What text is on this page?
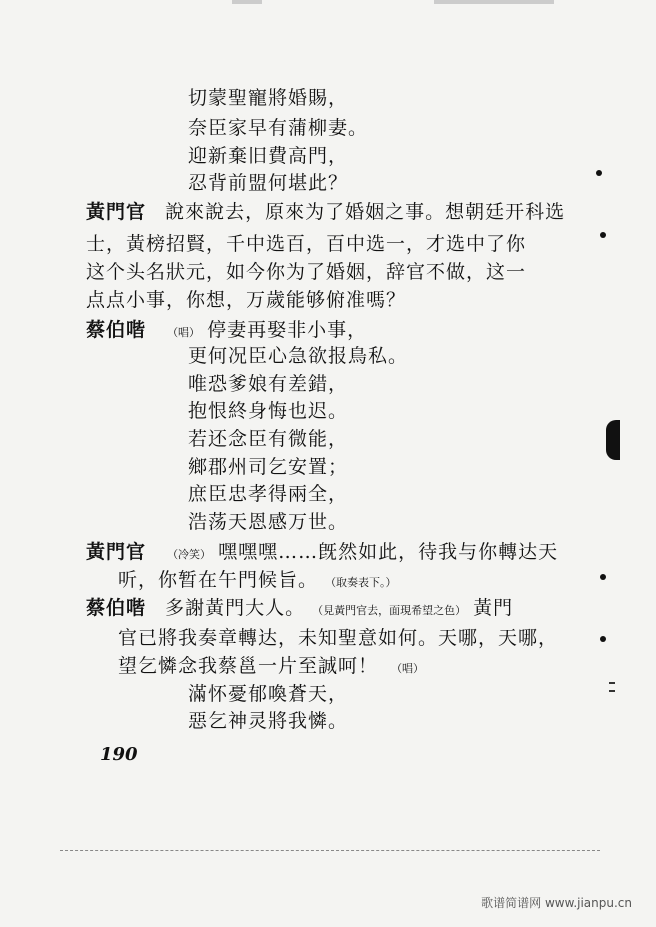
切蒙聖寵將婚賜，
奈臣家早有蒲柳妻。
迎新棄旧費高門，
忍背前盟何堪此？
黃門官 說來說去，原來为了婚姻之事。想朝廷开科选
士，黃榜招賢，千中选百，百中选一，才选中了你
这个头名狀元，如今你为了婚姻，辞官不做，这一
点点小事，你想，万歲能够俯准嗎？
蔡伯喈 （唱） 停妻再娶非小事，
更何况臣心急欲报鳥私。
唯恐爹娘有差錯，
抱恨終身悔也迟。
若还念臣有微能，
鄉郡州司乞安置；
庶臣忠孝得兩全，
浩荡天恩感万世。
黃門官 （冷笑） 嘿嘿嘿……旣然如此，待我与你轉达天
听，你暂在午門候旨。 （取奏表下。）
蔡伯喈 多謝黃門大人。 （見黃門官去，面現希望之色） 黃門
官已將我奏章轉达，未知聖意如何。天哪，天哪，
望乞憐念我蔡邕一片至誠呵！ （唱）
滿怀憂郁喚蒼天，
惡乞神灵將我憐。
190
歌谱简谱网 www.jianpu.cn
